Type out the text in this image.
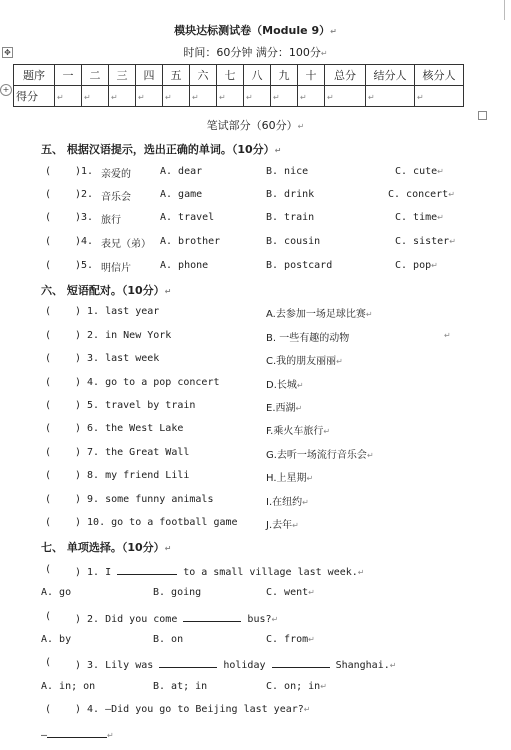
✥
+
模块达标测试卷（Module 9）↵
时间：60分钟 满分：100分↵
题序	一	二	三	四	五	六	七	八	九	十	总分	结分人	核分人
得分	↵	↵	↵	↵	↵	↵	↵	↵	↵	↵	↵	↵	↵
笔试部分（60分）↵
五、 根据汉语提示，选出正确的单词。（10分）↵
( )1. 亲爱的	A. dear	B. nice	C. cute↵
( )2. 音乐会	A. game	B. drink	C. concert↵
( )3. 旅行	A. travel	B. train	C. time↵
( )4. 表兄（弟） A. brother	B. cousin	C. sister↵
( )5. 明信片	A. phone	B. postcard	C. pop↵
六、 短语配对。（10分）↵
( ) 1. last year	A.去参加一场足球比赛↵
( ) 2. in New York	B. 一些有趣的动物	↵
( ) 3. last week	C.我的朋友丽丽↵
( ) 4. go to a pop concert	D.长城↵
( ) 5. travel by train	E.西湖↵
( ) 6. the West Lake	F.乘火车旅行↵
( ) 7. the Great Wall	G.去听一场流行音乐会↵
( ) 8. my friend Lili	H.上星期↵
( ) 9. some funny animals	I.在纽约↵
( ) 10. go to a football game	J.去年↵
七、 单项选择。（10分）↵
( ) 1. I	to a small village last week.↵
A. go	B. going	C. went↵
( ) 2. Did you come	bus?↵
A. by	B. on	C. from↵
( ) 3. Lily was	holiday	Shanghai.↵
A. in; on	B. at; in	C. on; in↵
( ) 4. —Did you go to Beijing last year?↵
—	↵
